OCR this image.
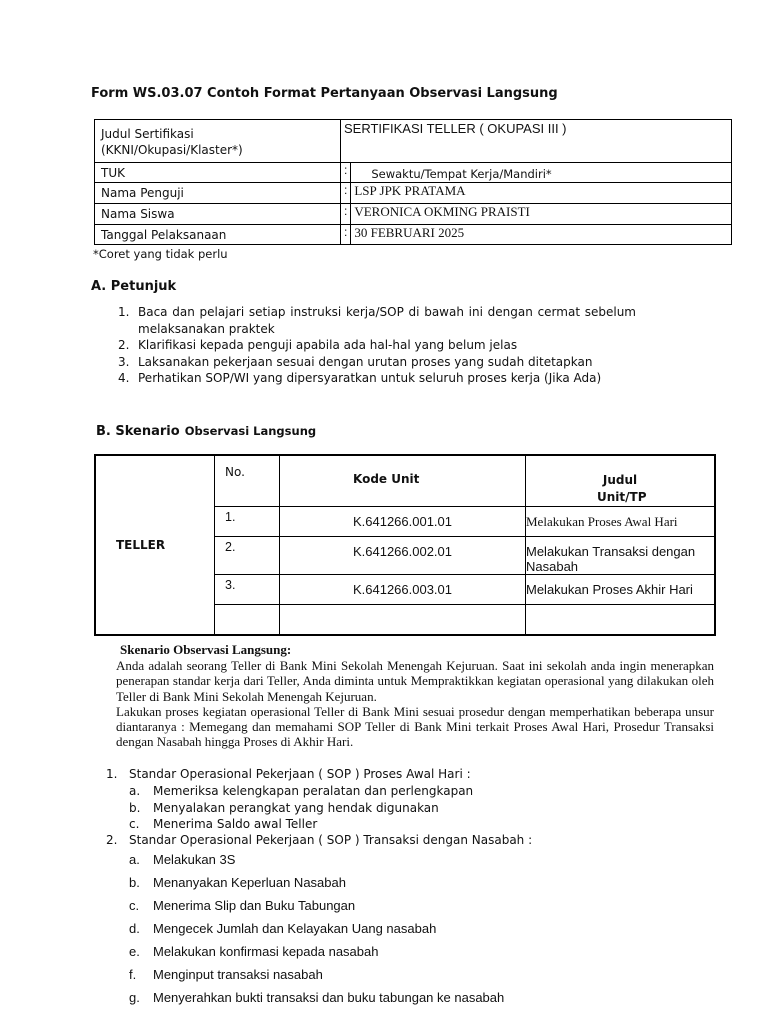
Form WS.03.07 Contoh Format Pertanyaan Observasi Langsung
Judul Sertifikasi (KKNI/Okupasi/Klaster*)	SERTIFIKASI TELLER ( OKUPASI III )	
TUK	:	Sewaktu/Tempat Kerja/Mandiri*
Nama Penguji	:	LSP JPK PRATAMA
Nama Siswa	:	VERONICA OKMING PRAISTI
Tanggal Pelaksanaan	:	30 FEBRUARI 2025
*Coret yang tidak perlu
A. Petunjuk
1. Baca dan pelajari setiap instruksi kerja/SOP di bawah ini dengan cermat sebelum melaksanakan praktek
2. Klarifikasi kepada penguji apabila ada hal-hal yang belum jelas
3. Laksanakan pekerjaan sesuai dengan urutan proses yang sudah ditetapkan
4. Perhatikan SOP/WI yang dipersyaratkan untuk seluruh proses kerja (Jika Ada)
B. Skenario Observasi Langsung
TELLER	No.	Kode Unit	Judul Unit/TP

	1.	K.641266.001.01	Melakukan Proses Awal Hari
	2.	K.641266.002.01	Melakukan Transaksi dengan Nasabah
	3.	K.641266.003.01	Melakukan Proses Akhir Hari

Skenario Observasi Langsung:
Anda adalah seorang Teller di Bank Mini Sekolah Menengah Kejuruan. Saat ini sekolah anda ingin menerapkan penerapan standar kerja dari Teller, Anda diminta untuk Mempraktikkan kegiatan operasional yang dilakukan oleh Teller di Bank Mini Sekolah Menengah Kejuruan.
Lakukan proses kegiatan operasional Teller di Bank Mini sesuai prosedur dengan memperhatikan beberapa unsur diantaranya : Memegang dan memahami SOP Teller di Bank Mini terkait Proses Awal Hari, Prosedur Transaksi dengan Nasabah hingga Proses di Akhir Hari.
1. Standar Operasional Pekerjaan ( SOP ) Proses Awal Hari :
a. Memeriksa kelengkapan peralatan dan perlengkapan
b. Menyalakan perangkat yang hendak digunakan
c. Menerima Saldo awal Teller
2. Standar Operasional Pekerjaan ( SOP ) Transaksi dengan Nasabah :
a. Melakukan 3S
b. Menanyakan Keperluan Nasabah
c. Menerima Slip dan Buku Tabungan
d. Mengecek Jumlah dan Kelayakan Uang nasabah
e. Melakukan konfirmasi kepada nasabah
f. Menginput transaksi nasabah
g. Menyerahkan bukti transaksi dan buku tabungan ke nasabah
